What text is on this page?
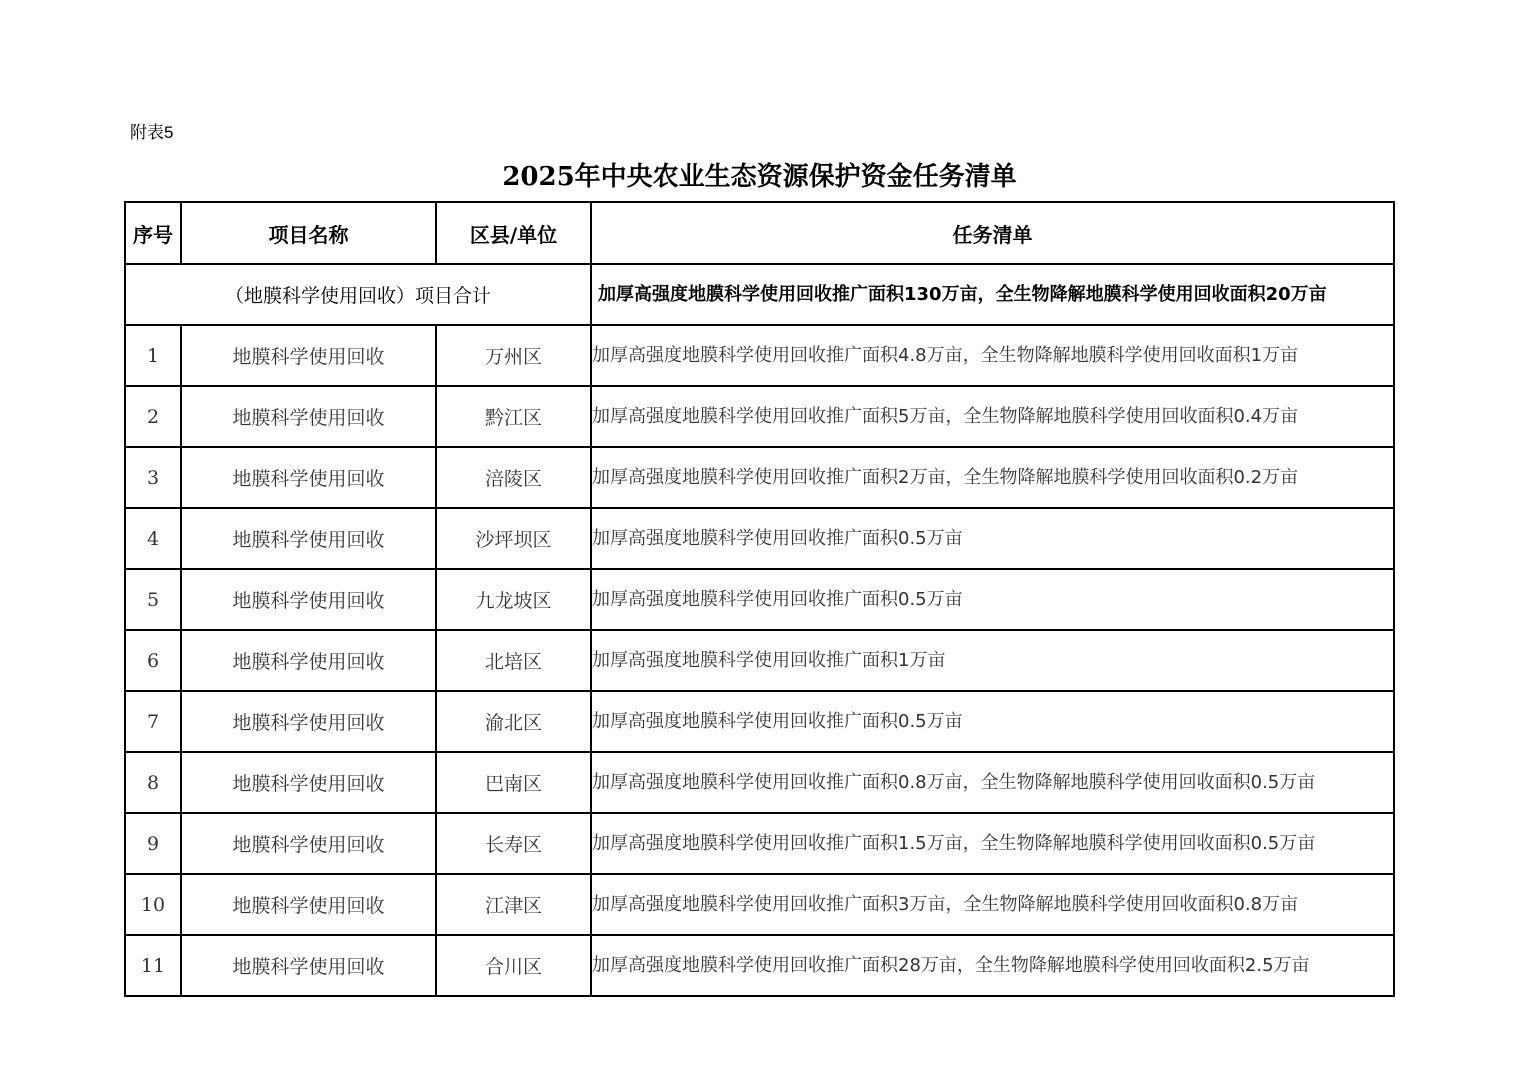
附表5
2025年中央农业生态资源保护资金任务清单
序号	项目名称	区县/单位	任务清单
（地膜科学使用回收）项目合计			加厚高强度地膜科学使用回收推广面积130万亩，全生物降解地膜科学使用回收面积20万亩
1	地膜科学使用回收	万州区	加厚高强度地膜科学使用回收推广面积4.8万亩，全生物降解地膜科学使用回收面积1万亩
2	地膜科学使用回收	黔江区	加厚高强度地膜科学使用回收推广面积5万亩，全生物降解地膜科学使用回收面积0.4万亩
3	地膜科学使用回收	涪陵区	加厚高强度地膜科学使用回收推广面积2万亩，全生物降解地膜科学使用回收面积0.2万亩
4	地膜科学使用回收	沙坪坝区	加厚高强度地膜科学使用回收推广面积0.5万亩
5	地膜科学使用回收	九龙坡区	加厚高强度地膜科学使用回收推广面积0.5万亩
6	地膜科学使用回收	北培区	加厚高强度地膜科学使用回收推广面积1万亩
7	地膜科学使用回收	渝北区	加厚高强度地膜科学使用回收推广面积0.5万亩
8	地膜科学使用回收	巴南区	加厚高强度地膜科学使用回收推广面积0.8万亩，全生物降解地膜科学使用回收面积0.5万亩
9	地膜科学使用回收	长寿区	加厚高强度地膜科学使用回收推广面积1.5万亩，全生物降解地膜科学使用回收面积0.5万亩
10	地膜科学使用回收	江津区	加厚高强度地膜科学使用回收推广面积3万亩，全生物降解地膜科学使用回收面积0.8万亩
11	地膜科学使用回收	合川区	加厚高强度地膜科学使用回收推广面积28万亩，全生物降解地膜科学使用回收面积2.5万亩
